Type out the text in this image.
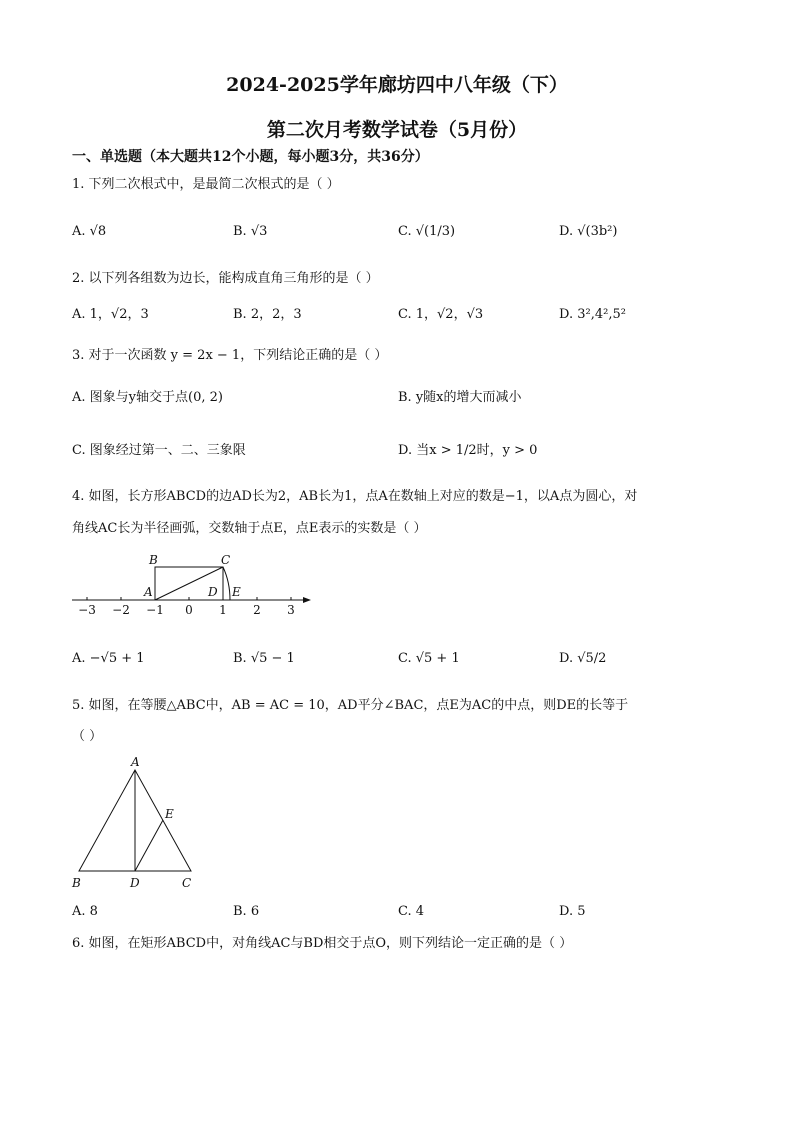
2024-2025学年廊坊四中八年级（下）
第二次月考数学试卷（5月份）
一、单选题（本大题共12个小题，每小题3分，共36分）
1. 下列二次根式中，是最简二次根式的是（ ）
A. √8	B. √3	C. √(1/3)	D. √(3b²)
2. 以下列各组数为边长，能构成直角三角形的是（ ）
A. 1，√2，3	B. 2，2，3	C. 1，√2，√3	D. 3²,4²,5²
3. 对于一次函数 y = 2x − 1，下列结论正确的是（ ）
A. 图象与y轴交于点(0, 2)	B. y随x的增大而减小
C. 图象经过第一、二、三象限	D. 当x > 1/2时，y > 0
4. 如图，长方形ABCD的边AD长为2，AB长为1，点A在数轴上对应的数是−1，以A点为圆心，对
角线AC长为半径画弧，交数轴于点E，点E表示的实数是（ ）
B	C
A	D E
−3 −2 −1 0 1 2 3
A. −√5 + 1	B. √5 − 1	C. √5 + 1	D. √5/2
5. 如图，在等腰△ABC中，AB = AC = 10，AD平分∠BAC，点E为AC的中点，则DE的长等于
（ ）
A
E
B	D	C
A. 8	B. 6	C. 4	D. 5
6. 如图，在矩形ABCD中，对角线AC与BD相交于点O，则下列结论一定正确的是（ ）
